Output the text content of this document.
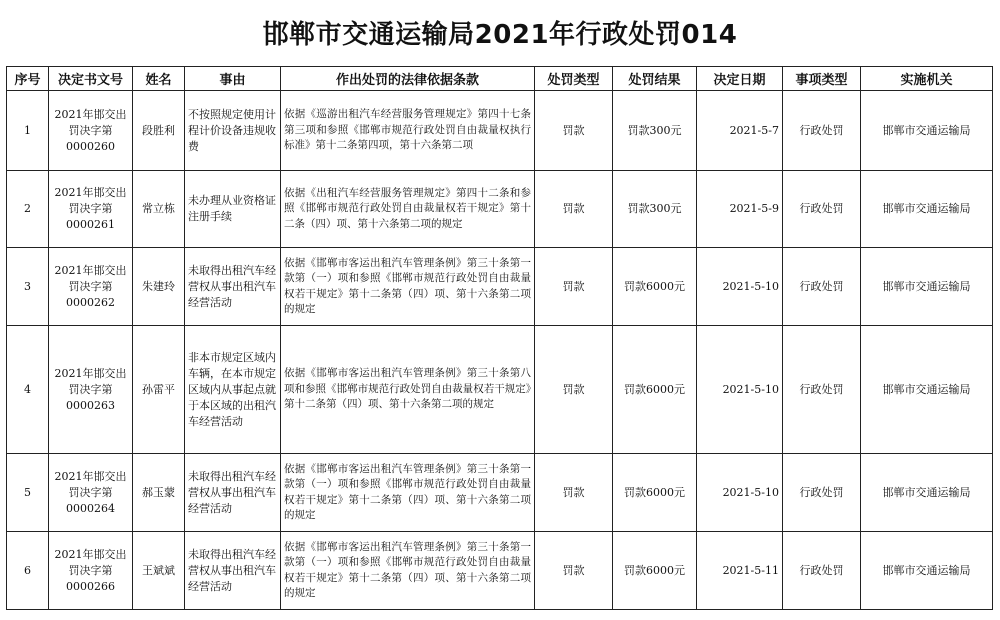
邯郸市交通运输局2021年行政处罚014
序号	决定书文号	姓名	事由	作出处罚的法律依据条款	处罚类型	处罚结果	决定日期	事项类型	实施机关
1	2021年邯交出罚决字第0000260	段胜利	不按照规定使用计程计价设备违规收费	依据《巡游出租汽车经营服务管理规定》第四十七条第三项和参照《邯郸市规范行政处罚自由裁量权执行标准》第十二条第四项，第十六条第二项	罚款	罚款300元	2021-5-7	行政处罚	邯郸市交通运输局
2	2021年邯交出罚决字第0000261	常立栋	未办理从业资格证注册手续	依据《出租汽车经营服务管理规定》第四十二条和参照《邯郸市规范行政处罚自由裁量权若干规定》第十二条（四）项、第十六条第二项的规定	罚款	罚款300元	2021-5-9	行政处罚	邯郸市交通运输局
3	2021年邯交出罚决字第0000262	朱建玲	未取得出租汽车经营权从事出租汽车经营活动	依据《邯郸市客运出租汽车管理条例》第三十条第一款第（一）项和参照《邯郸市规范行政处罚自由裁量权若干规定》第十二条第（四）项、第十六条第二项的规定	罚款	罚款6000元	2021-5-10	行政处罚	邯郸市交通运输局
4	2021年邯交出罚决字第0000263	孙雷平	非本市规定区域内车辆，在本市规定区域内从事起点就于本区域的出租汽车经营活动	依据《邯郸市客运出租汽车管理条例》第三十条第八项和参照《邯郸市规范行政处罚自由裁量权若干规定》第十二条第（四）项、第十六条第二项的规定	罚款	罚款6000元	2021-5-10	行政处罚	邯郸市交通运输局
5	2021年邯交出罚决字第0000264	郝玉蒙	未取得出租汽车经营权从事出租汽车经营活动	依据《邯郸市客运出租汽车管理条例》第三十条第一款第（一）项和参照《邯郸市规范行政处罚自由裁量权若干规定》第十二条第（四）项、第十六条第二项的规定	罚款	罚款6000元	2021-5-10	行政处罚	邯郸市交通运输局
6	2021年邯交出罚决字第0000266	王斌斌	未取得出租汽车经营权从事出租汽车经营活动	依据《邯郸市客运出租汽车管理条例》第三十条第一款第（一）项和参照《邯郸市规范行政处罚自由裁量权若干规定》第十二条第（四）项、第十六条第二项的规定	罚款	罚款6000元	2021-5-11	行政处罚	邯郸市交通运输局
